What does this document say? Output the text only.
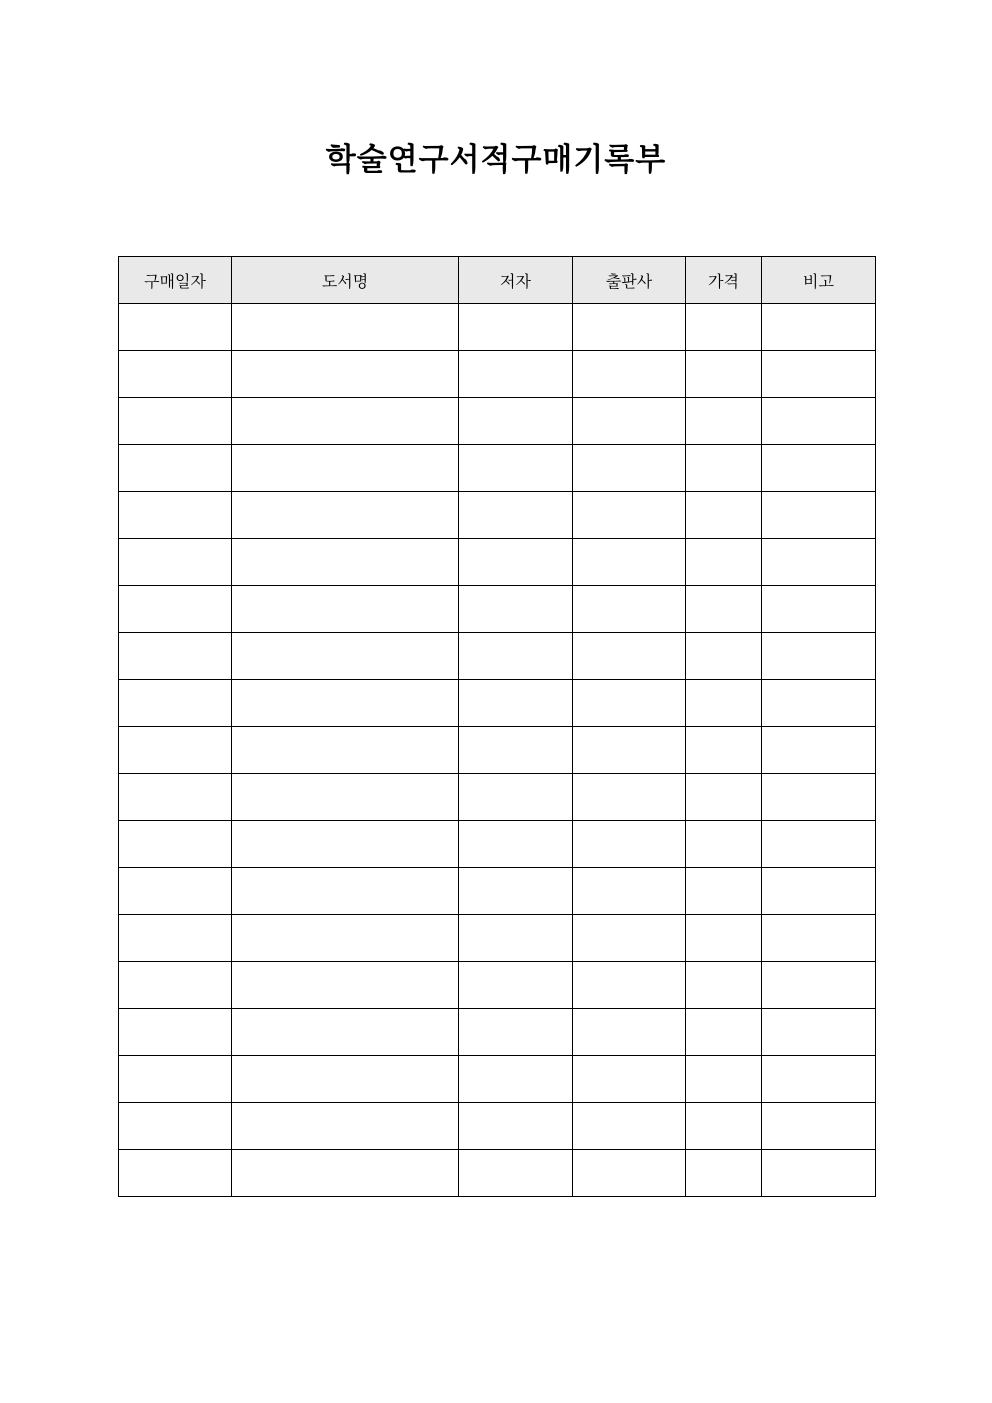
학술연구서적구매기록부
구매일자	도서명	저자	출판사	가격	비고
